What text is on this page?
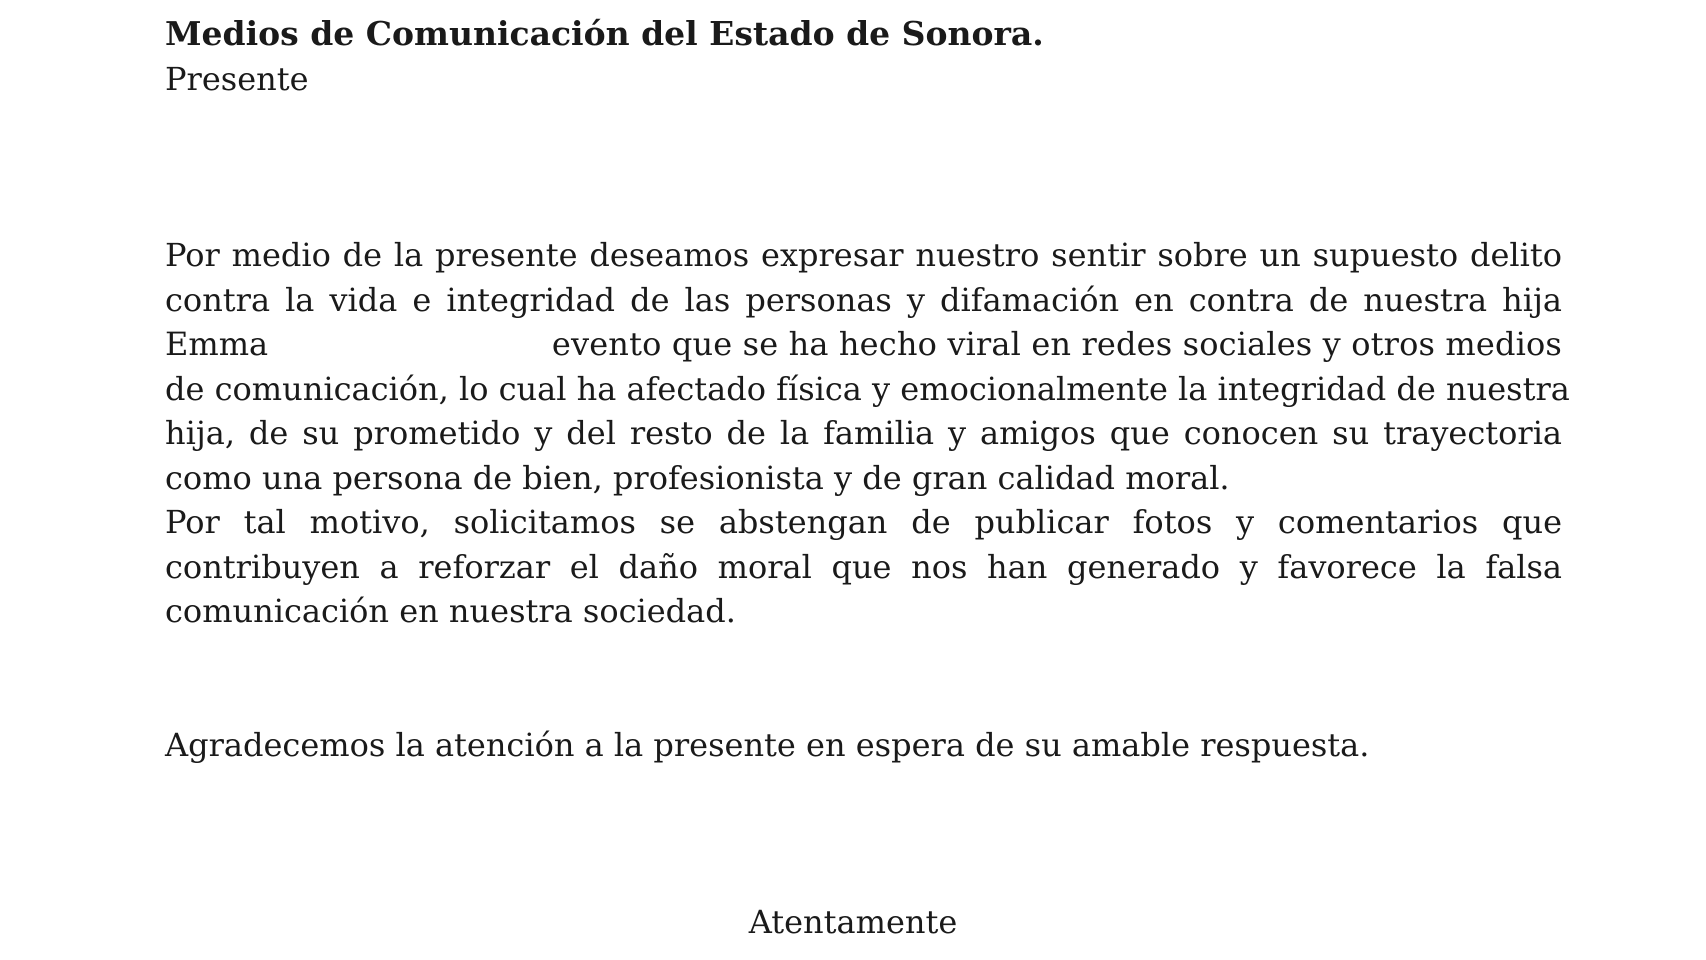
Medios de Comunicación del Estado de Sonora.
Presente

Por medio de la presente deseamos expresar nuestro sentir sobre un supuesto delito
contra la vida e integridad de las personas y difamación en contra de nuestra hija
Emma	evento que se ha hecho viral en redes sociales y otros medios
de comunicación, lo cual ha afectado física y emocionalmente la integridad de nuestra
hija, de su prometido y del resto de la familia y amigos que conocen su trayectoria
como una persona de bien, profesionista y de gran calidad moral.

Por tal motivo, solicitamos se abstengan de publicar fotos y comentarios que
contribuyen a reforzar el daño moral que nos han generado y favorece la falsa
comunicación en nuestra sociedad.

Agradecemos la atención a la presente en espera de su amable respuesta.
Atentamente
